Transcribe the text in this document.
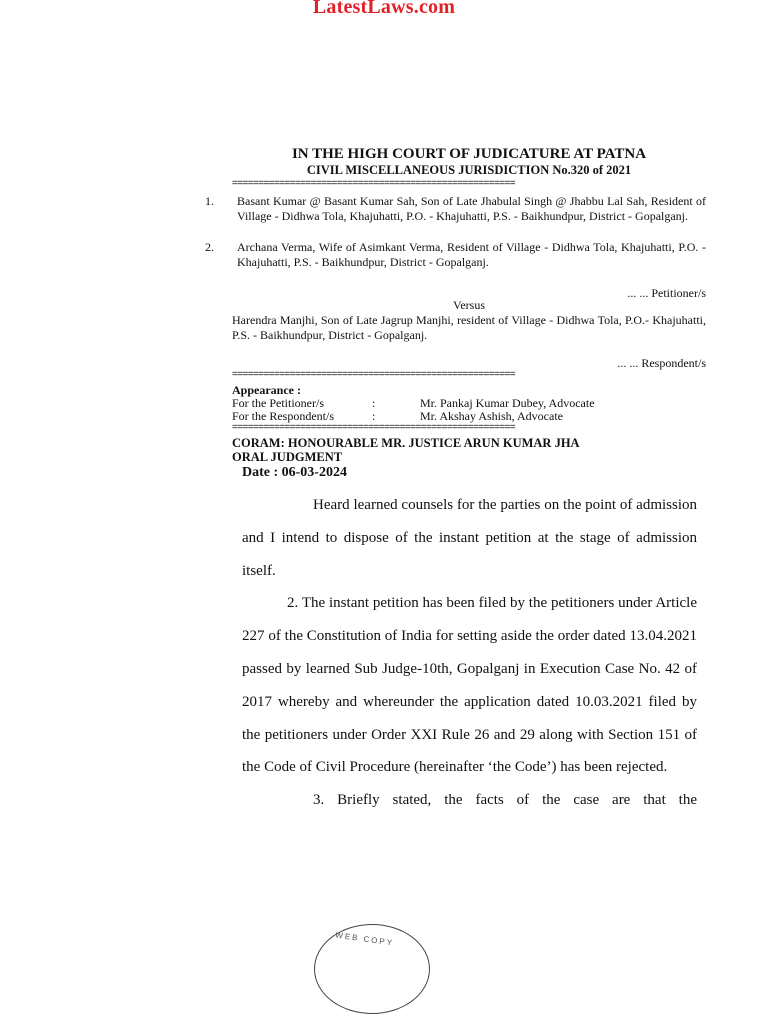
LatestLaws.com
IN THE HIGH COURT OF JUDICATURE AT PATNA
CIVIL MISCELLANEOUS JURISDICTION No.320 of 2021
======================================================
1. Basant Kumar @ Basant Kumar Sah, Son of Late Jhabulal Singh @ Jhabbu Lal Sah, Resident of Village - Didhwa Tola, Khajuhatti, P.O. - Khajuhatti, P.S. - Baikhundpur, District - Gopalganj.
2. Archana Verma, Wife of Asimkant Verma, Resident of Village - Didhwa Tola, Khajuhatti, P.O. - Khajuhatti, P.S. - Baikhundpur, District - Gopalganj.
... ... Petitioner/s
Versus
Harendra Manjhi, Son of Late Jagrup Manjhi, resident of Village - Didhwa Tola, P.O.- Khajuhatti, P.S. - Baikhundpur, District - Gopalganj.
... ... Respondent/s
======================================================
Appearance :
For the Petitioner/s	:	Mr. Pankaj Kumar Dubey, Advocate
For the Respondent/s	:	Mr. Akshay Ashish, Advocate
======================================================
CORAM: HONOURABLE MR. JUSTICE ARUN KUMAR JHA
ORAL JUDGMENT
Date : 06-03-2024

Heard learned counsels for the parties on the point of admission and I intend to dispose of the instant petition at the stage of admission itself.

2. The instant petition has been filed by the petitioners under Article 227 of the Constitution of India for setting aside the order dated 13.04.2021 passed by learned Sub Judge-10th, Gopalganj in Execution Case No. 42 of 2017 whereby and whereunder the application dated 10.03.2021 filed by the petitioners under Order XXI Rule 26 and 29 along with Section 151 of the Code of Civil Procedure (hereinafter ‘the Code’) has been rejected.

3. Briefly stated, the facts of the case are that the

WEB COPY
